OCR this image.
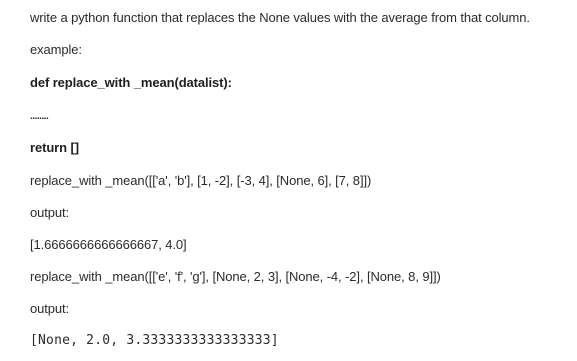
write a python function that replaces the None values with the average from that column.
example:
def replace_with _mean(datalist):
........
return []
replace_with _mean([['a', 'b'], [1, -2], [-3, 4], [None, 6], [7, 8]])
output:
[1.6666666666666667, 4.0]
replace_with _mean([['e', 'f', 'g'], [None, 2, 3], [None, -4, -2], [None, 8, 9]])
output:
[None, 2.0, 3.3333333333333333]
